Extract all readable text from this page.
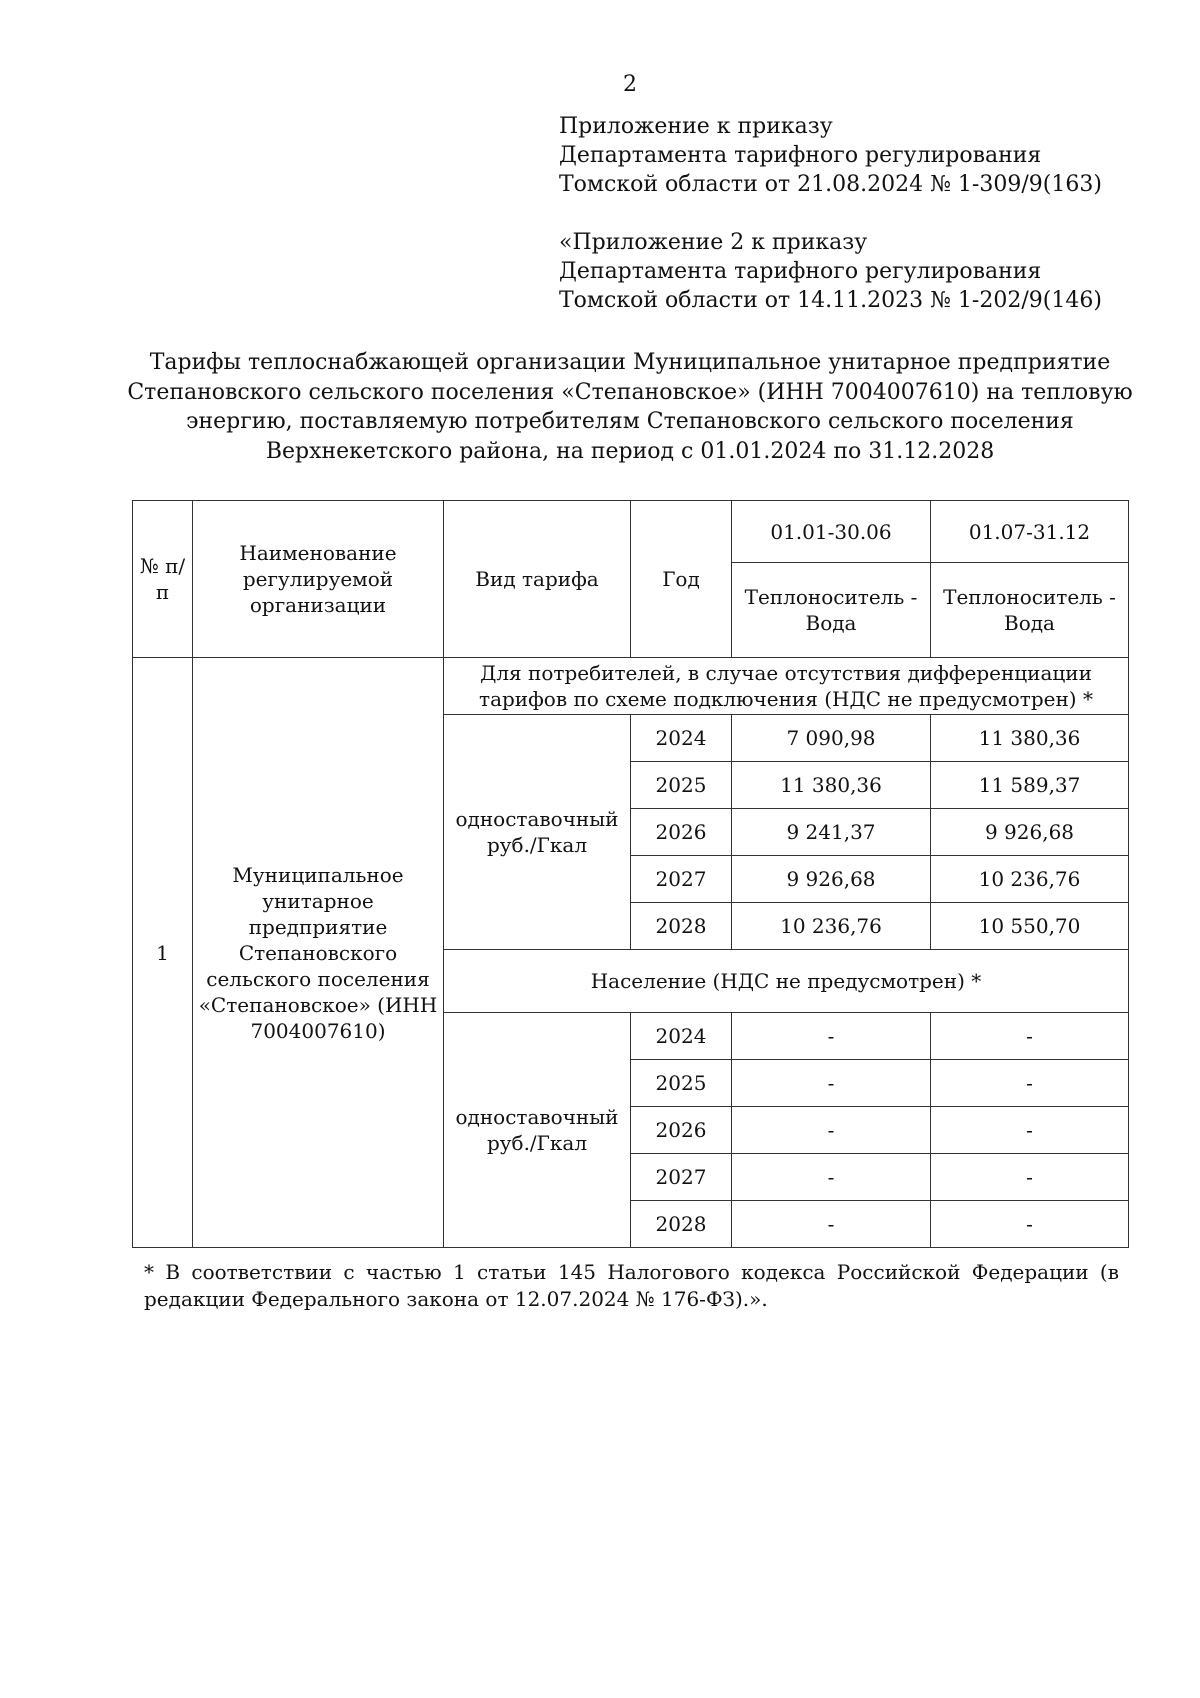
2
Приложение к приказу
Департамента тарифного регулирования
Томской области от 21.08.2024 № 1-309/9(163)
«Приложение 2 к приказу
Департамента тарифного регулирования
Томской области от 14.11.2023 № 1-202/9(146)
Тарифы теплоснабжающей организации Муниципальное унитарное предприятие
Степановского сельского поселения «Степановское» (ИНН 7004007610) на тепловую
энергию, поставляемую потребителям Степановского сельского поселения
Верхнекетского района, на период с 01.01.2024 по 31.12.2028
№ п/п	Наименование регулируемой организации	Вид тарифа	Год	01.01-30.06	01.07-31.12
				Теплоноситель - Вода	Теплоноситель - Вода
1	Муниципальное унитарное предприятие Степановского сельского поселения «Степановское» (ИНН 7004007610)	Для потребителей, в случае отсутствия дифференциации тарифов по схеме подключения (НДС не предусмотрен) *			
		одноставочный руб./Гкал	2024	7 090,98	11 380,36
			2025	11 380,36	11 589,37
			2026	9 241,37	9 926,68
			2027	9 926,68	10 236,76
			2028	10 236,76	10 550,70
		Население (НДС не предусмотрен) *			
		одноставочный руб./Гкал	2024	-	-
			2025	-	-
			2026	-	-
			2027	-	-
			2028	-	-
* В соответствии с частью 1 статьи 145 Налогового кодекса Российской Федерации (в редакции Федерального закона от 12.07.2024 № 176-ФЗ).».
